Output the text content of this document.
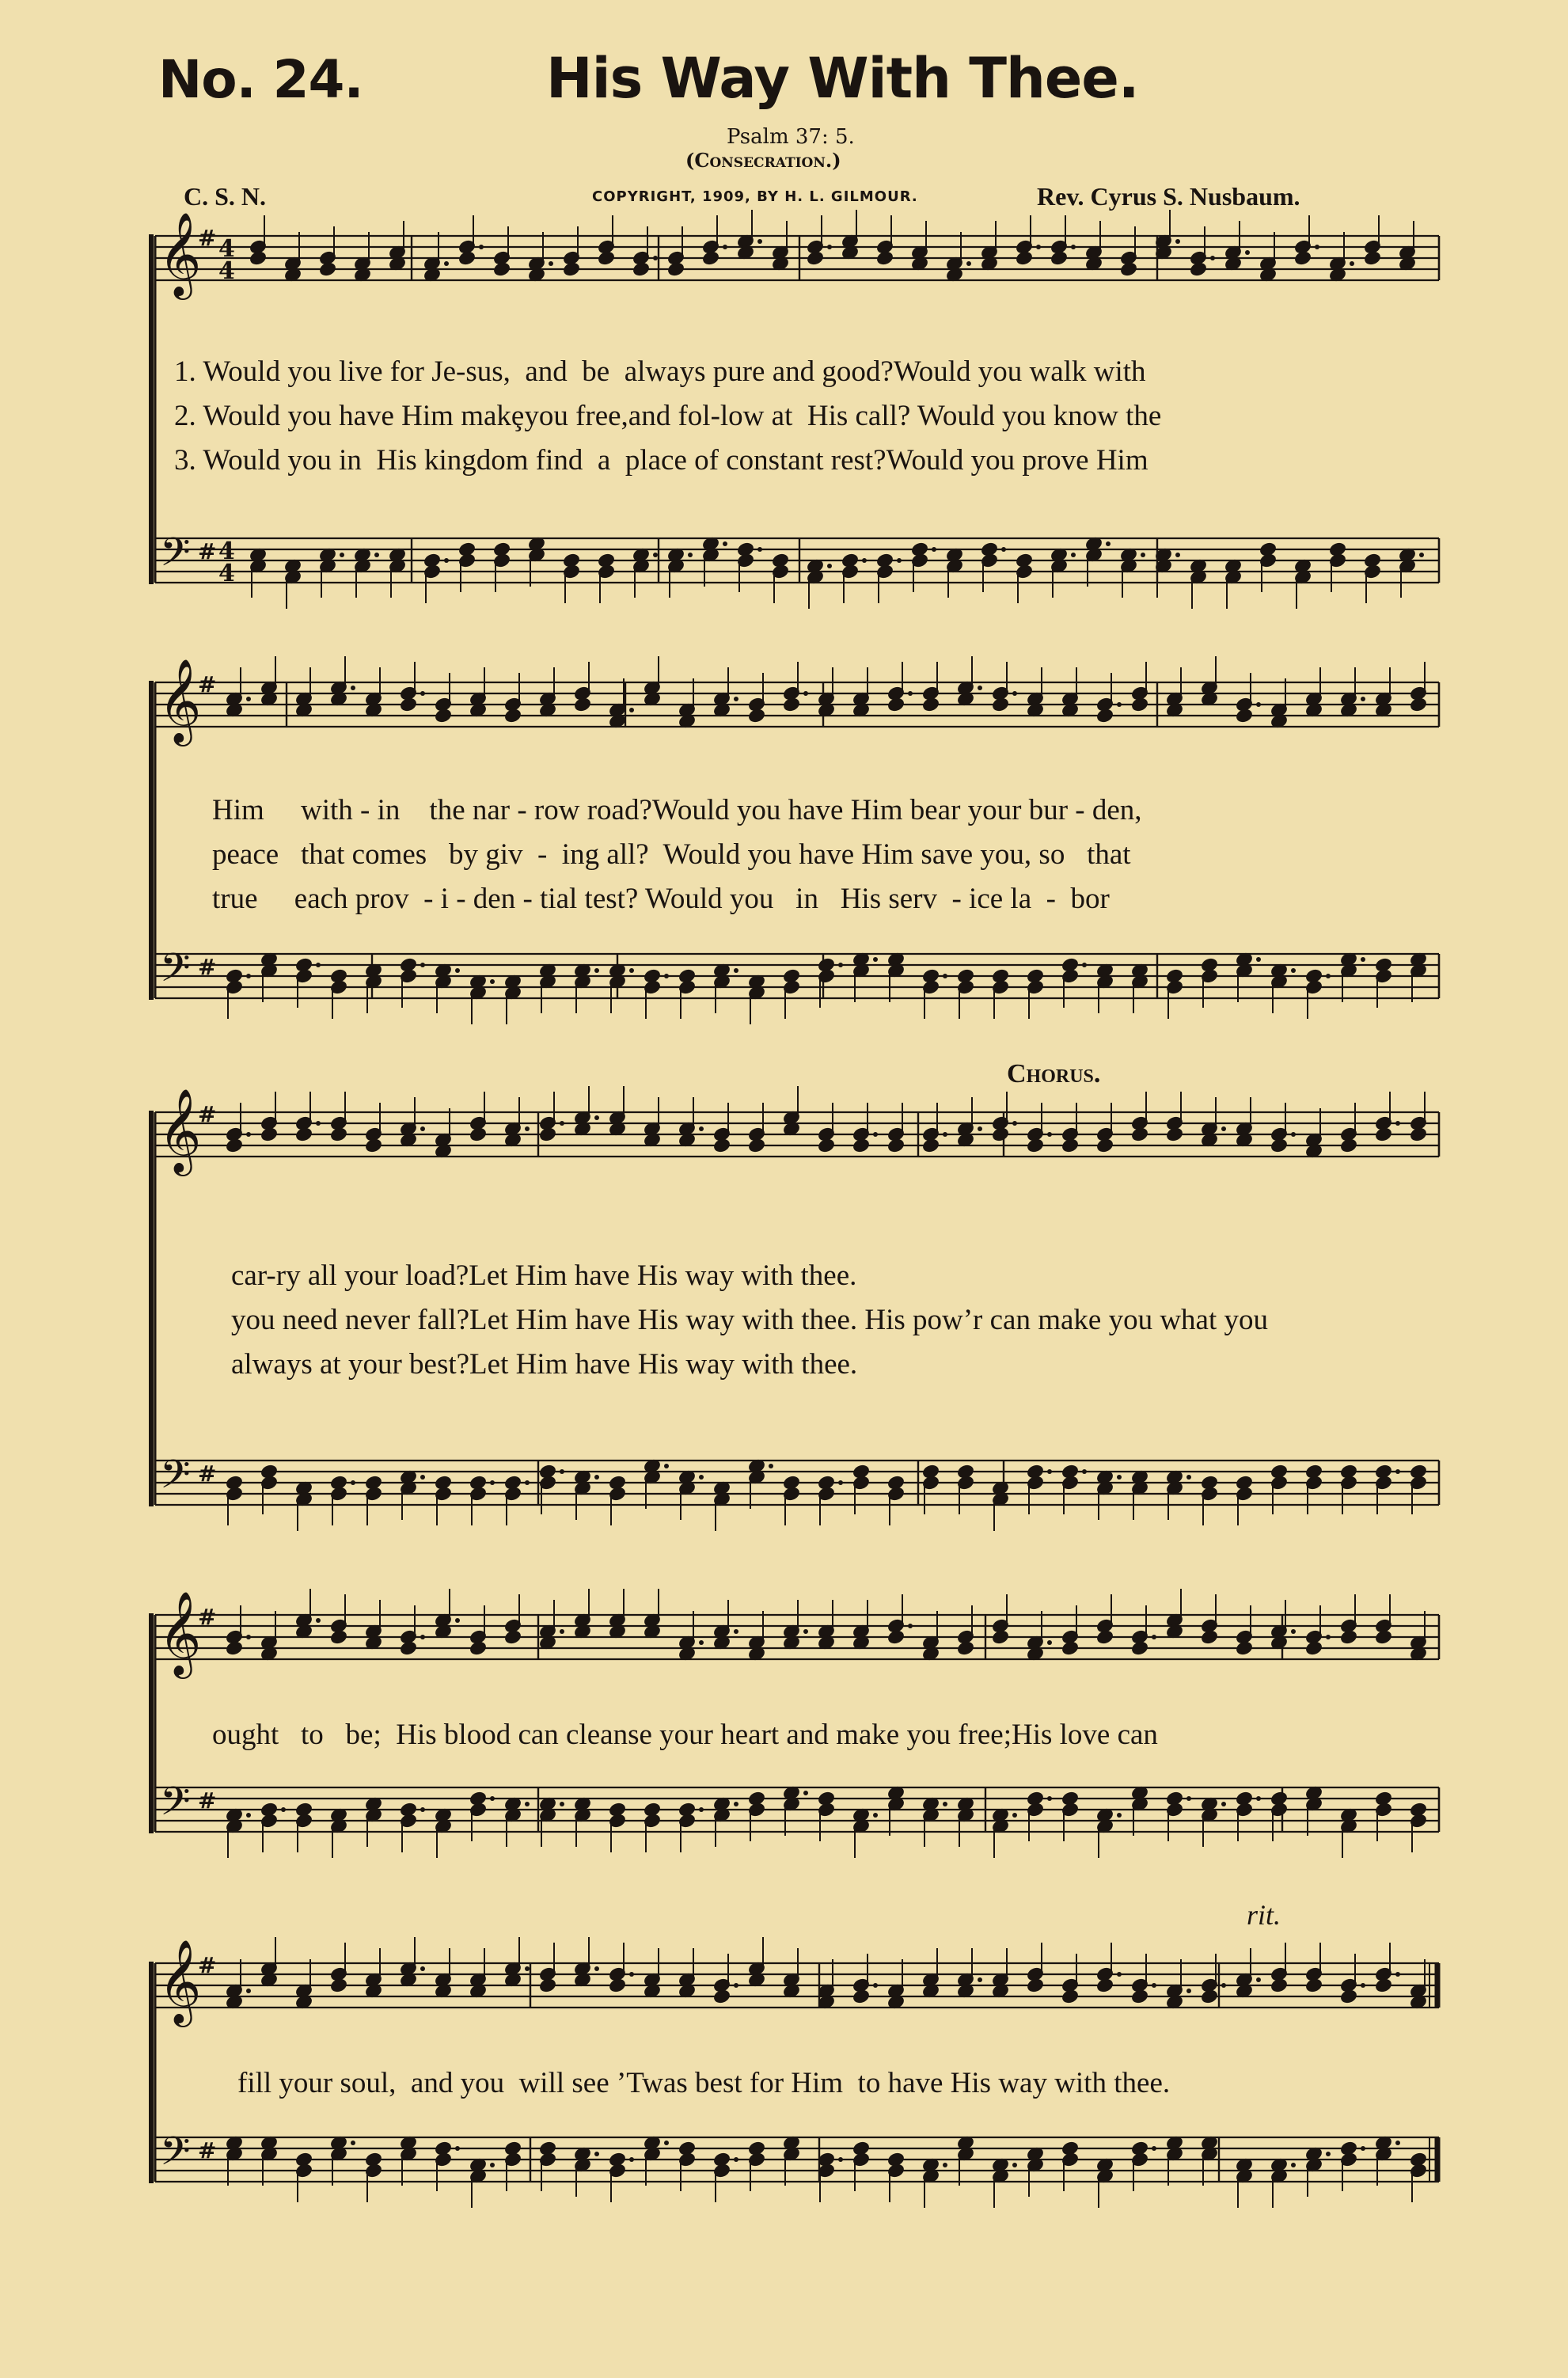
No. 24.	His Way With Thee.
Psalm 37: 5.
(Consecration.)
C. S. N.	COPYRIGHT, 1909, BY H. L. GILMOUR.	Rev. Cyrus S. Nusbaum.
Chorus.
rit.
1. Would you live for Je-sus,  and  be  always pure and good?Would you walk with
2. Would you have Him makȩyou free,and fol-low at  His call? Would you know the
3. Would you in  His kingdom find  a  place of constant rest?Would you prove Him
Him     with - in    the nar - row road?Would you have Him bear your bur - den,
peace   that comes   by giv  -  ing all?  Would you have Him save you, so   that
true     each prov  - i - den - tial test? Would you   in   His serv  - ice la  -  bor
car-ry all your load?Let Him have His way with thee.
you need never fall?Let Him have His way with thee. His pow’r can make you what you
always at your best?Let Him have His way with thee.
ought   to   be;  His blood can cleanse your heart and make you free;His love can
fill your soul,  and you  will see ’Twas best for Him  to have His way with thee.
𝄞
𝄢
#
#
4
4
4
4
𝄞
𝄢
#
#
𝄞
𝄢
#
#
𝄞
𝄢
#
#
𝄞
𝄢
#
#
